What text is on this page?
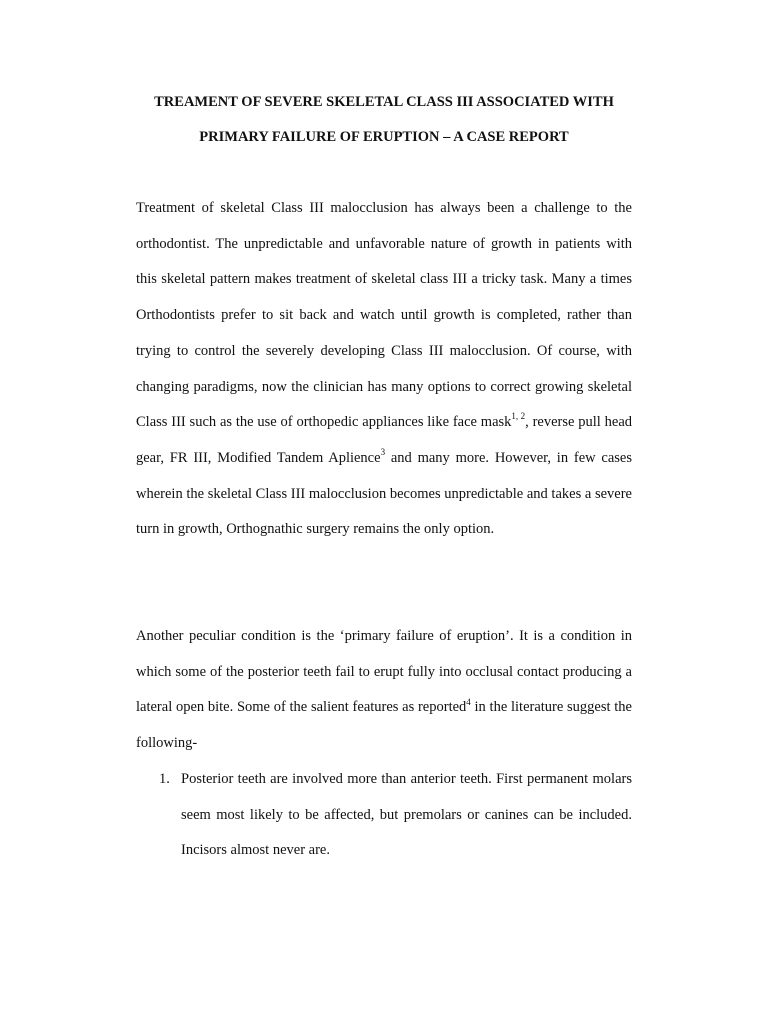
TREAMENT OF SEVERE SKELETAL CLASS III ASSOCIATED WITH
PRIMARY FAILURE OF ERUPTION – A CASE REPORT

Treatment of skeletal Class III malocclusion has always been a challenge to the orthodontist. The unpredictable and unfavorable nature of growth in patients with this skeletal pattern makes treatment of skeletal class III a tricky task. Many a times Orthodontists prefer to sit back and watch until growth is completed, rather than trying to control the severely developing Class III malocclusion. Of course, with changing paradigms, now the clinician has many options to correct growing skeletal Class III such as the use of orthopedic appliances like face mask$^{1, 2}$, reverse pull head gear, FR III, Modified Tandem Aplience$^3$ and many more. However, in few cases wherein the skeletal Class III malocclusion becomes unpredictable and takes a severe turn in growth, Orthognathic surgery remains the only option.

Another peculiar condition is the ‘primary failure of eruption’. It is a condition in which some of the posterior teeth fail to erupt fully into occlusal contact producing a lateral open bite. Some of the salient features as reported$^4$ in the literature suggest the following-

1. Posterior teeth are involved more than anterior teeth. First permanent molars seem most likely to be affected, but premolars or canines can be included. Incisors almost never are.
